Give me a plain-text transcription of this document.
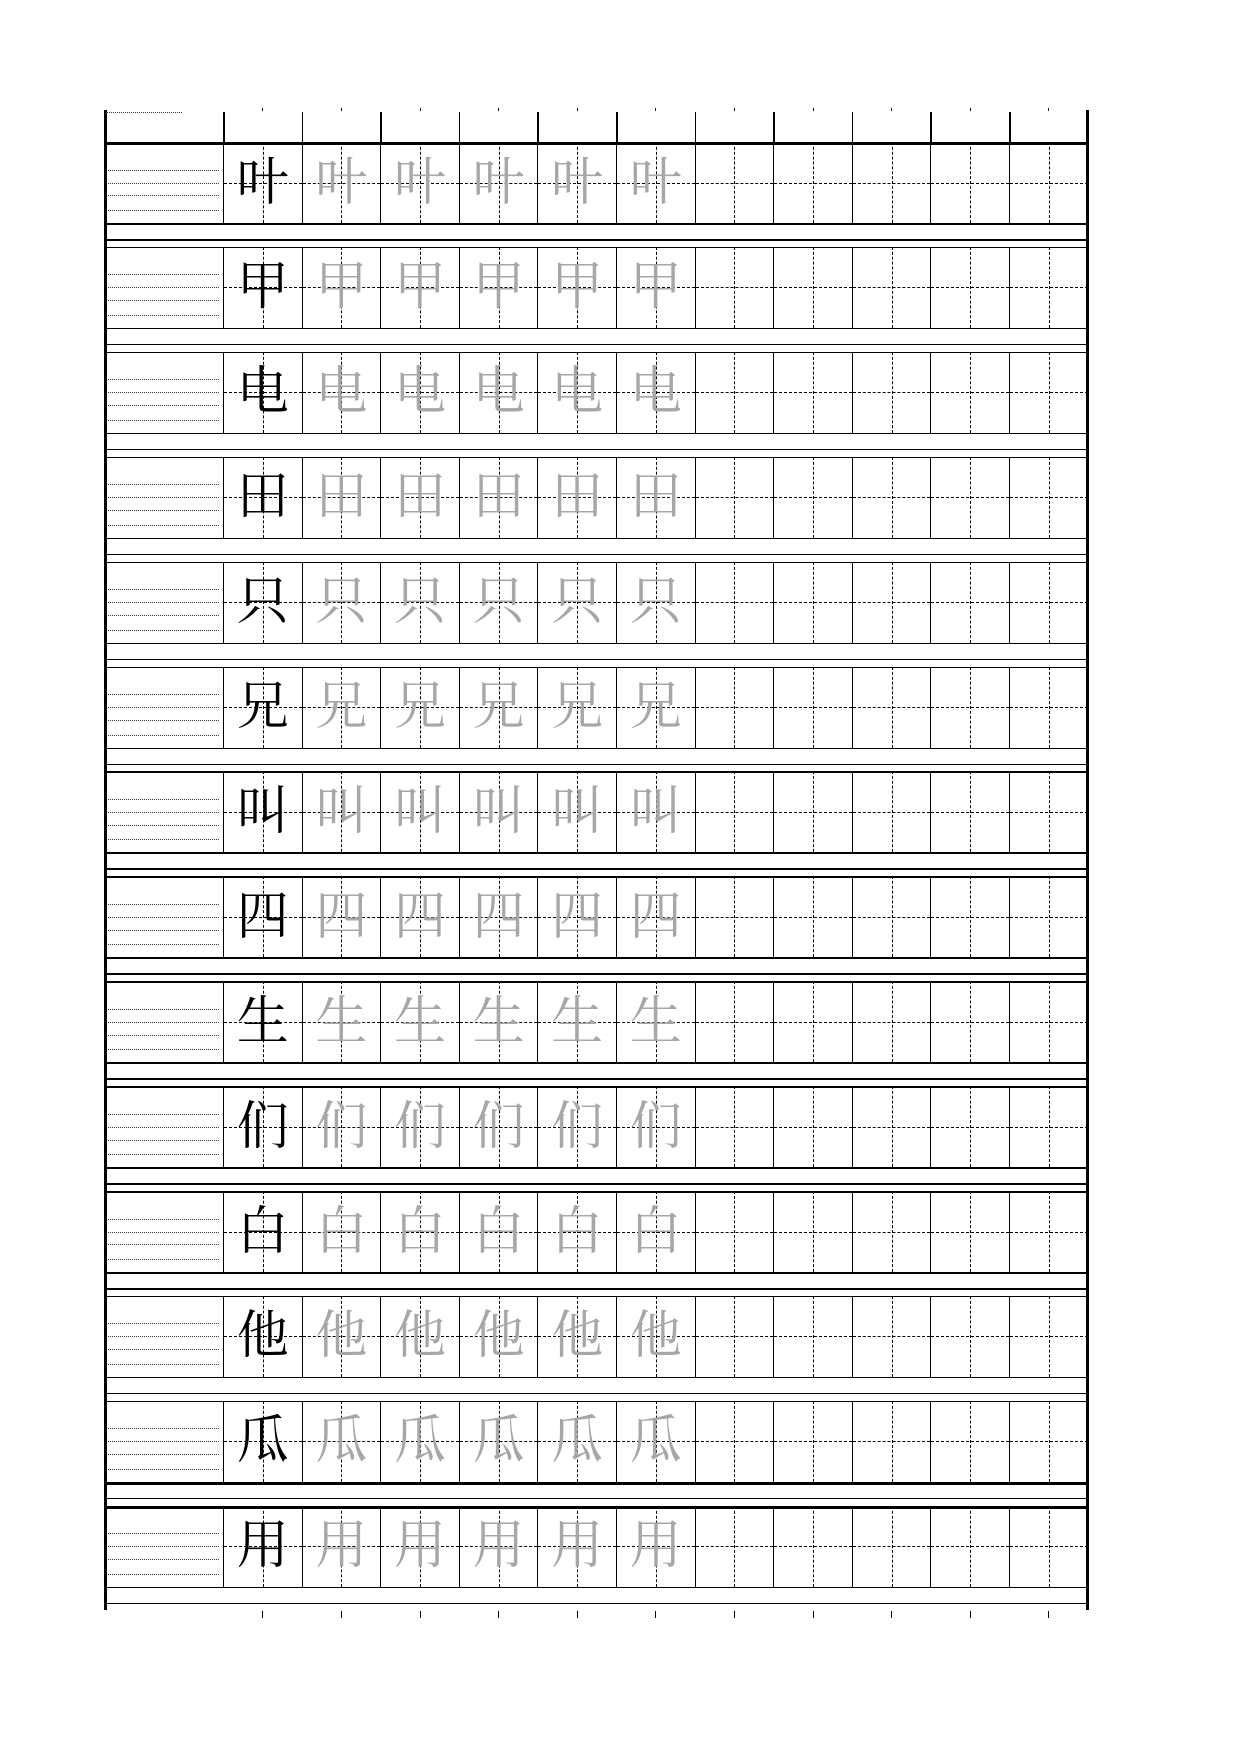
叶 叶 叶 叶 叶 叶
甲 甲 甲 甲 甲 甲
电 电 电 电 电 电
田 田 田 田 田 田
只 只 只 只 只 只
兄 兄 兄 兄 兄 兄
叫 叫 叫 叫 叫 叫
四 四 四 四 四 四
生 生 生 生 生 生
们 们 们 们 们 们
白 白 白 白 白 白
他 他 他 他 他 他
瓜 瓜 瓜 瓜 瓜 瓜
用 用 用 用 用 用
